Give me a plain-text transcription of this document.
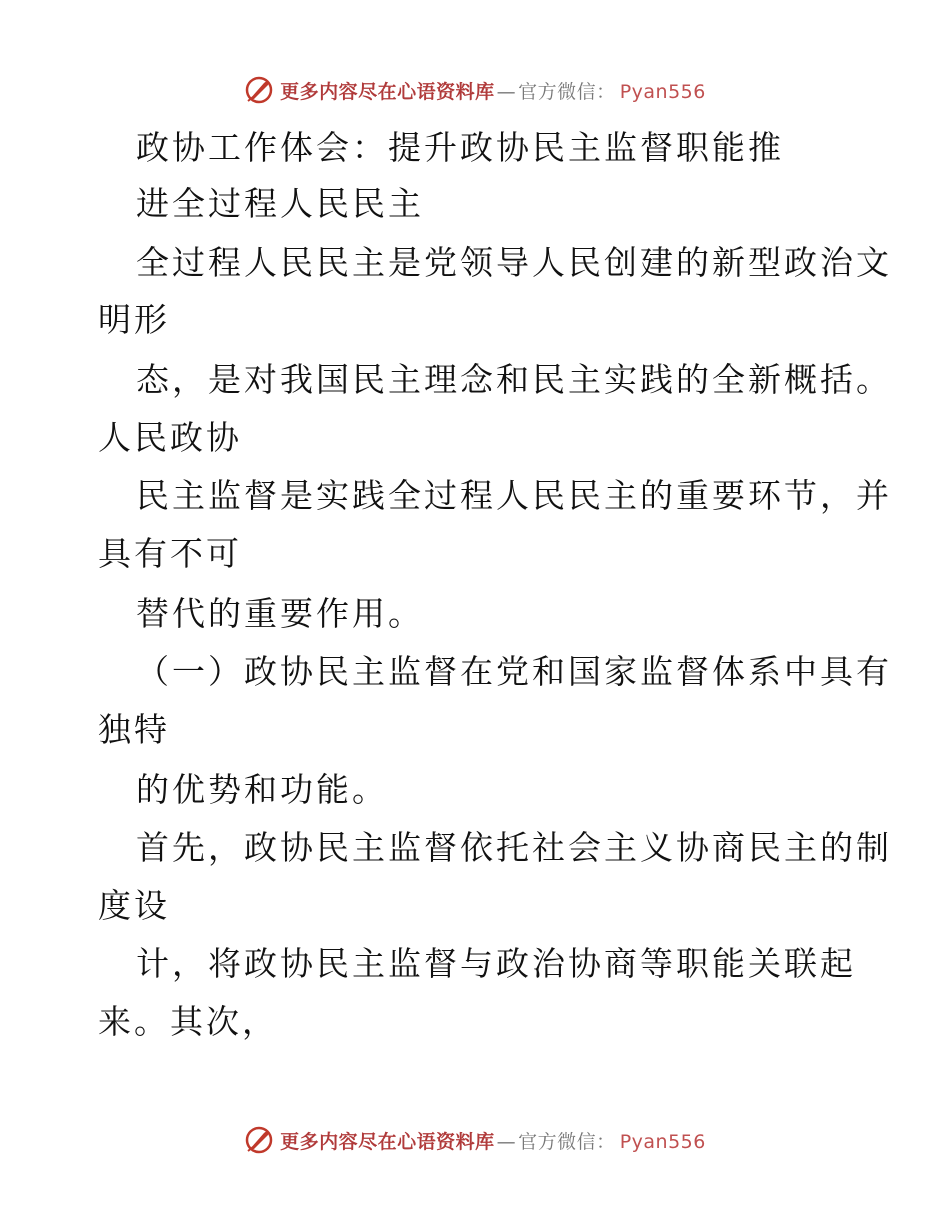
更多内容尽在心语资料库 — 官方微信： Pyan556
政协工作体会：提升政协民主监督职能推
进全过程人民民主
全过程人民民主是党领导人民创建的新型政治文
明形
态，是对我国民主理念和民主实践的全新概括。
人民政协
民主监督是实践全过程人民民主的重要环节，并
具有不可
替代的重要作用。
（一）政协民主监督在党和国家监督体系中具有
独特
的优势和功能。
首先，政协民主监督依托社会主义协商民主的制
度设
计，将政协民主监督与政治协商等职能关联起
来。其次，
更多内容尽在心语资料库 — 官方微信： Pyan556
